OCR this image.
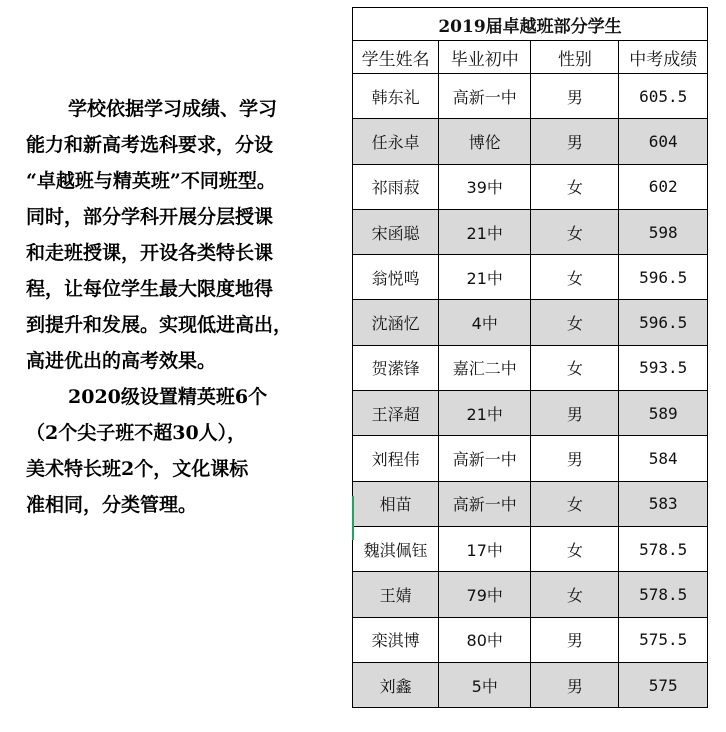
学校依据学习成绩、学习
能力和新高考选科要求，分设
“卓越班与精英班”不同班型。
同时，部分学科开展分层授课
和走班授课，开设各类特长课
程，让每位学生最大限度地得
到提升和发展。实现低进高出，
高进优出的高考效果。

2020级设置精英班6个
（2个尖子班不超30人），
美术特长班2个，文化课标
准相同，分类管理。

2019届卓越班部分学生			
学生姓名	毕业初中	性别	中考成绩
韩东礼	高新一中	男	605.5
任永卓	博伦	男	604
祁雨菽	39中	女	602
宋函聪	21中	女	598
翁悦鸣	21中	女	596.5
沈涵忆	4中	女	596.5
贺潆锋	嘉汇二中	女	593.5
王泽超	21中	男	589
刘程伟	高新一中	男	584
相苗	高新一中	女	583
魏淇佩钰	17中	女	578.5
王婧	79中	女	578.5
栾淇博	80中	男	575.5
刘鑫	5中	男	575
